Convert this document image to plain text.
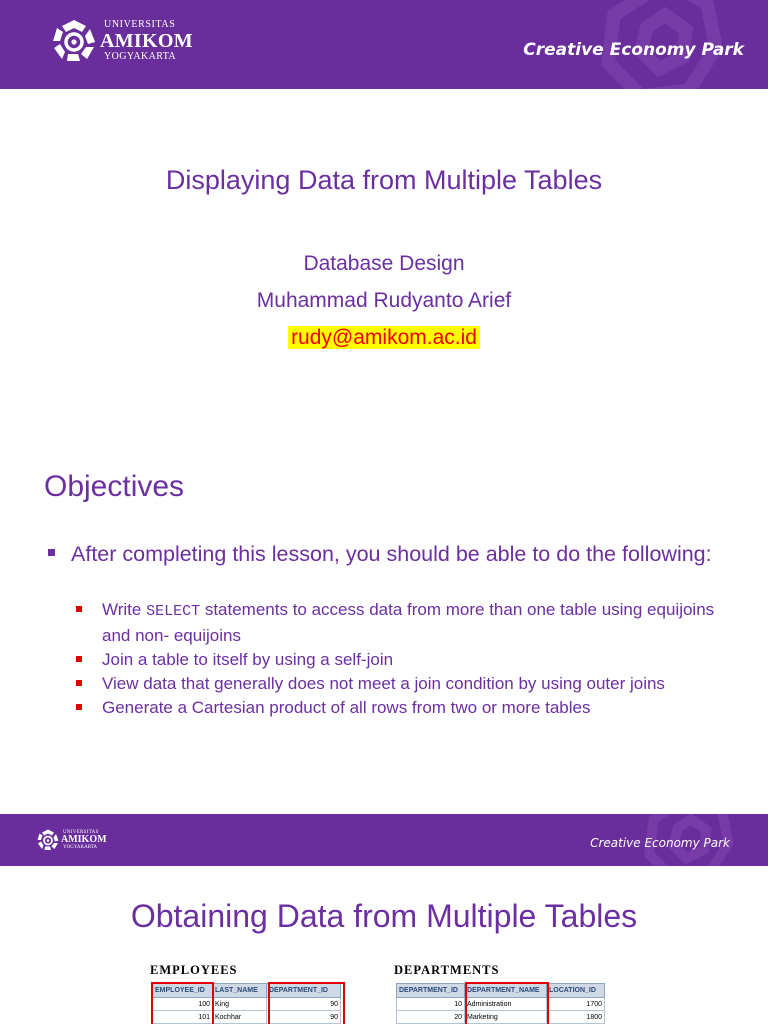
UNIVERSITAS
AMIKOM
YOGYAKARTA	Creative Economy Park
Displaying Data from Multiple Tables
Database Design
Muhammad Rudyanto Arief
rudy@amikom.ac.id
Objectives
After completing this lesson, you should be able to do the following:
Write SELECT statements to access data from more than one table using equijoins and non- equijoins
Join a table to itself by using a self-join
View data that generally does not meet a join condition by using outer joins
Generate a Cartesian product of all rows from two or more tables
UNIVERSITAS
AMIKOM
YOGYAKARTA	Creative Economy Park
Obtaining Data from Multiple Tables
EMPLOYEES	DEPARTMENTS
EMPLOYEE_ID	LAST_NAME	DEPARTMENT_ID
100	King	90
101	Kochhar	90
DEPARTMENT_ID	DEPARTMENT_NAME	LOCATION_ID
10	Administration	1700
20	Marketing	1800
